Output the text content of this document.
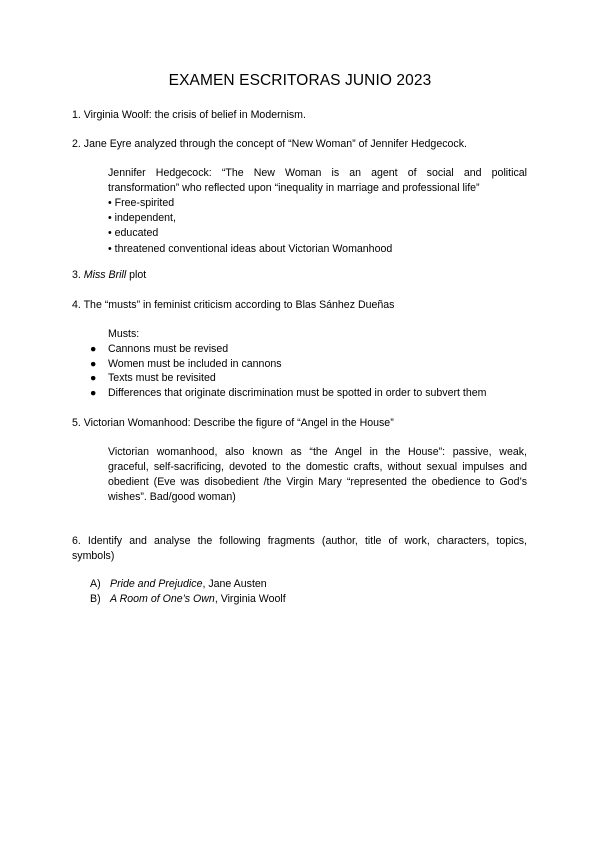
EXAMEN ESCRITORAS JUNIO 2023
1. Virginia Woolf: the crisis of belief in Modernism.
2. Jane Eyre analyzed through the concept of “New Woman” of Jennifer Hedgecock.
Jennifer Hedgecock: “The New Woman is an agent of social and political
transformation” who reflected upon “inequality in marriage and professional life”
• Free-spirited
• independent,
• educated
• threatened conventional ideas about Victorian Womanhood
3. Miss Brill plot
4. The “musts” in feminist criticism according to Blas Sánhez Dueñas
Musts:
● Cannons must be revised
● Women must be included in cannons
● Texts must be revisited
● Differences that originate discrimination must be spotted in order to subvert them
5. Victorian Womanhood: Describe the figure of “Angel in the House”
Victorian womanhood, also known as “the Angel in the House”: passive, weak,
graceful, self-sacrificing, devoted to the domestic crafts, without sexual impulses and
obedient (Eve was disobedient /the Virgin Mary “represented the obedience to God’s
wishes”. Bad/good woman)
6. Identify and analyse the following fragments (author, title of work, characters, topics,
symbols)
A) Pride and Prejudice, Jane Austen
B) A Room of One’s Own, Virginia Woolf
